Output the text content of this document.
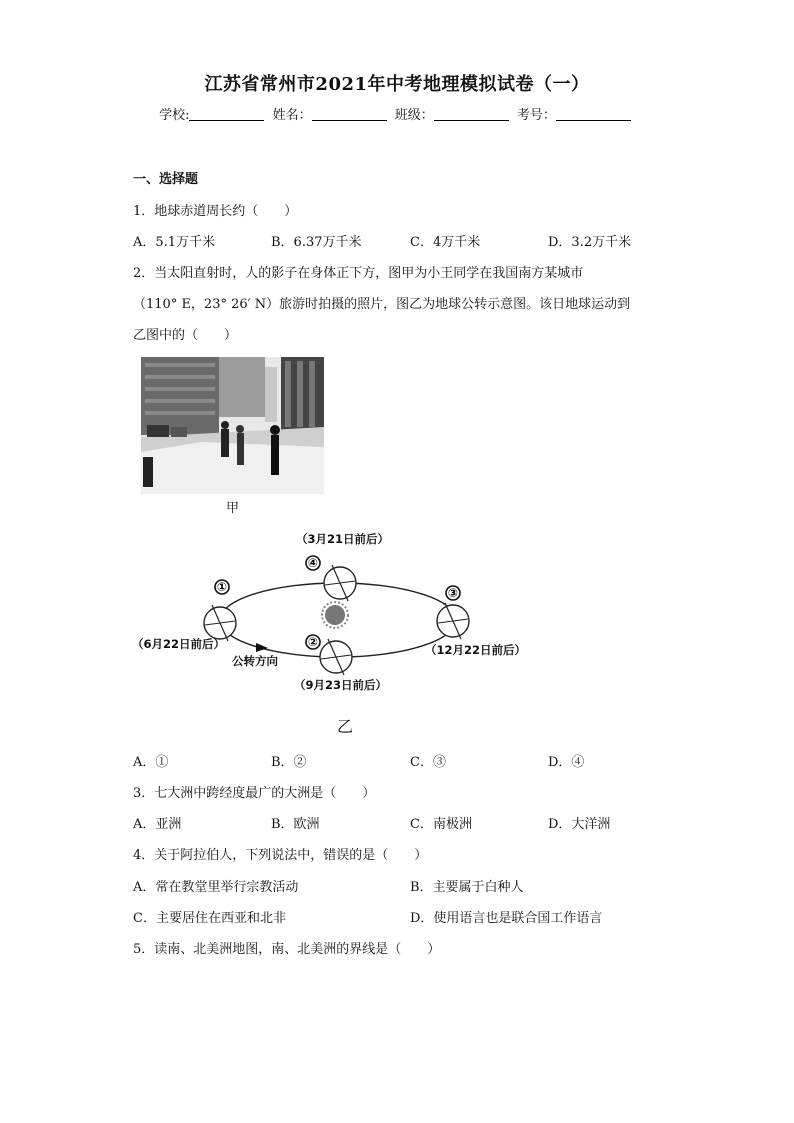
江苏省常州市2021年中考地理模拟试卷（一）
学校:	姓名：	班级：	考号：
一、选择题
1．地球赤道周长约（　　）
A．5.1万千米	B．6.37万千米	C．4万千米	D．3.2万千米
2．当太阳直射时，人的影子在身体正下方，图甲为小王同学在我国南方某城市
（110° E，23° 26′ N）旅游时拍摄的照片，图乙为地球公转示意图。该日地球运动到
乙图中的（　　）
甲
①
②
③
④
（6月22日前后）
（9月23日前后）
（12月22日前后）
（3月21日前后）
公转方向
乙
A．①	B．②	C．③	D．④
3．七大洲中跨经度最广的大洲是（　　）
A．亚洲	B．欧洲	C．南极洲	D．大洋洲
4．关于阿拉伯人，下列说法中，错误的是（　　）
A．常在教堂里举行宗教活动	B．主要属于白种人
C．主要居住在西亚和北非	D．使用语言也是联合国工作语言
5．读南、北美洲地图，南、北美洲的界线是（　　）
